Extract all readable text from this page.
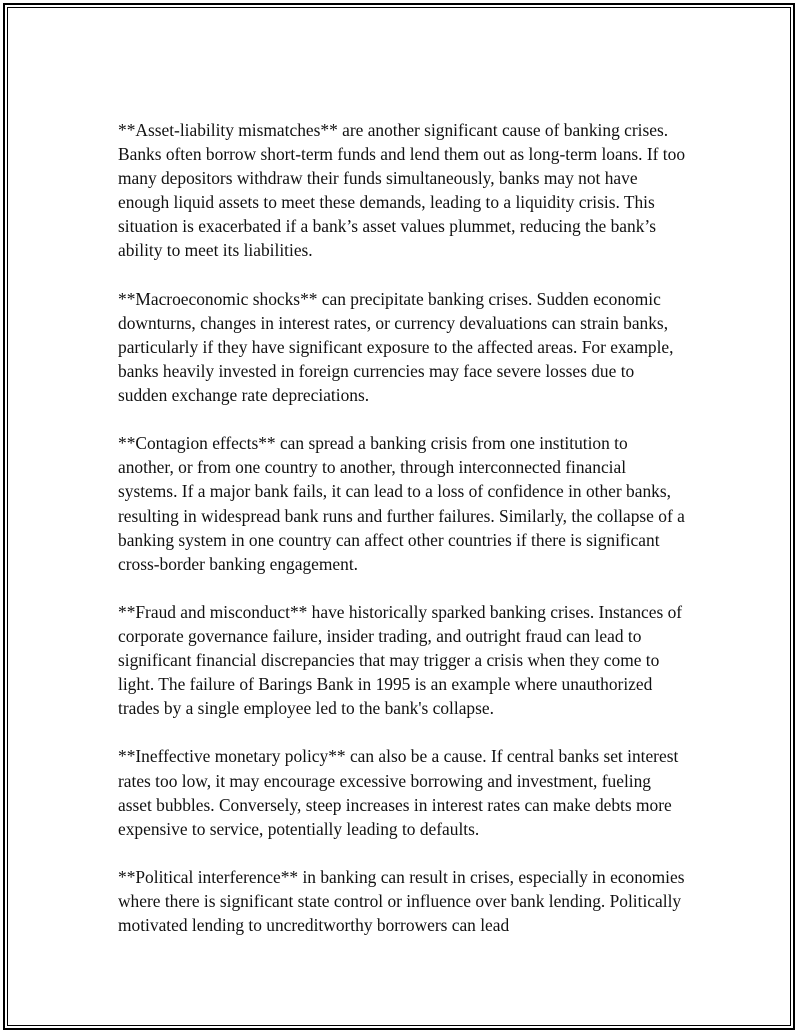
**Asset-liability mismatches** are another significant cause of banking crises. Banks often borrow short-term funds and lend them out as long-term loans. If too many depositors withdraw their funds simultaneously, banks may not have enough liquid assets to meet these demands, leading to a liquidity crisis. This situation is exacerbated if a bank’s asset values plummet, reducing the bank’s ability to meet its liabilities.

**Macroeconomic shocks** can precipitate banking crises. Sudden economic downturns, changes in interest rates, or currency devaluations can strain banks, particularly if they have significant exposure to the affected areas. For example, banks heavily invested in foreign currencies may face severe losses due to sudden exchange rate depreciations.

**Contagion effects** can spread a banking crisis from one institution to another, or from one country to another, through interconnected financial systems. If a major bank fails, it can lead to a loss of confidence in other banks, resulting in widespread bank runs and further failures. Similarly, the collapse of a banking system in one country can affect other countries if there is significant cross-border banking engagement.

**Fraud and misconduct** have historically sparked banking crises. Instances of corporate governance failure, insider trading, and outright fraud can lead to significant financial discrepancies that may trigger a crisis when they come to light. The failure of Barings Bank in 1995 is an example where unauthorized trades by a single employee led to the bank's collapse.

**Ineffective monetary policy** can also be a cause. If central banks set interest rates too low, it may encourage excessive borrowing and investment, fueling asset bubbles. Conversely, steep increases in interest rates can make debts more expensive to service, potentially leading to defaults.

**Political interference** in banking can result in crises, especially in economies where there is significant state control or influence over bank lending. Politically motivated lending to uncreditworthy borrowers can lead
